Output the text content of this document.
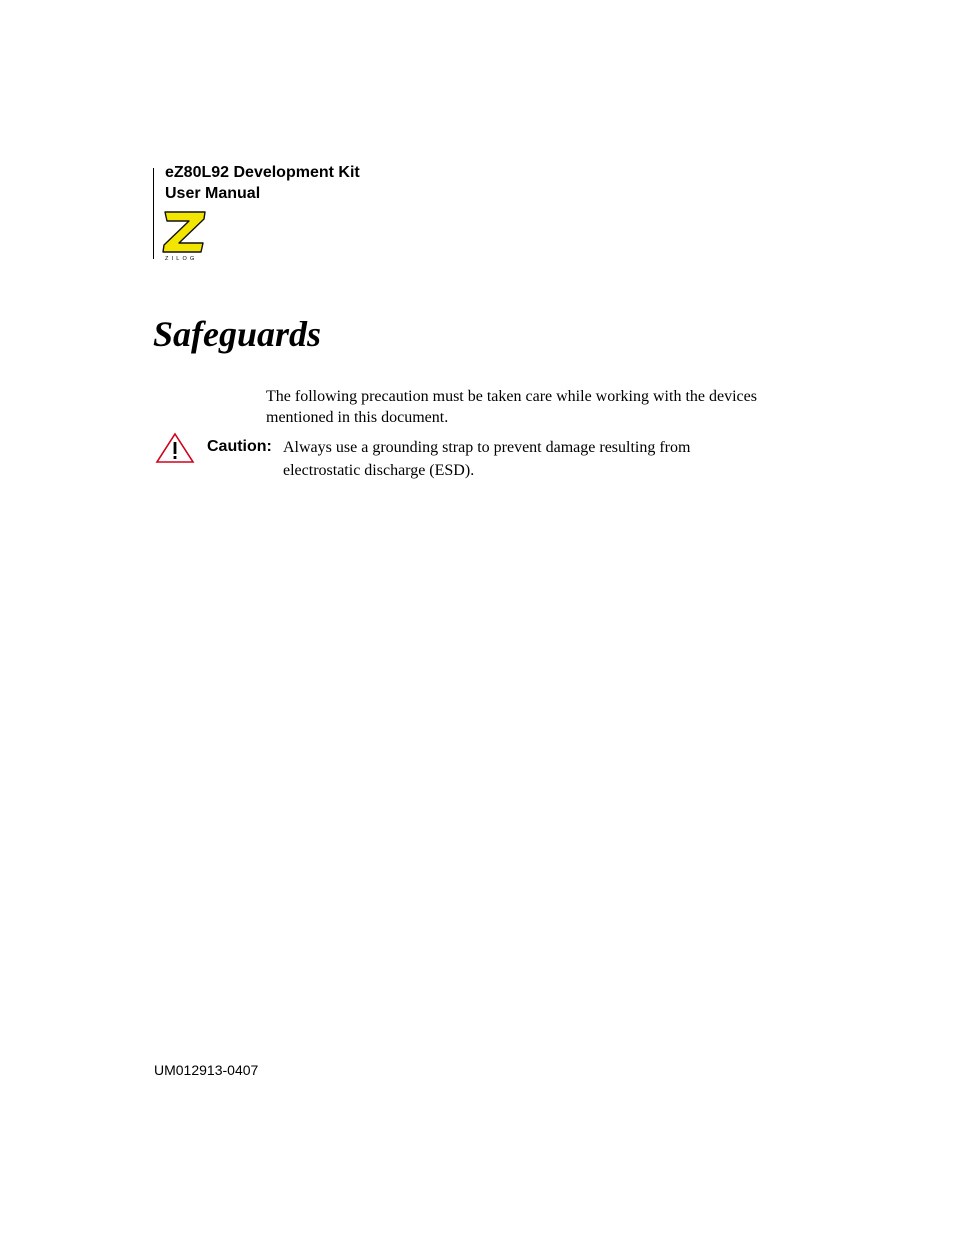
eZ80L92 Development Kit
User Manual
ZILOG
Safeguards

The following precaution must be taken care while working with the devices mentioned in this document.

Caution: Always use a grounding strap to prevent damage resulting from electrostatic discharge (ESD).

UM012913-0407
